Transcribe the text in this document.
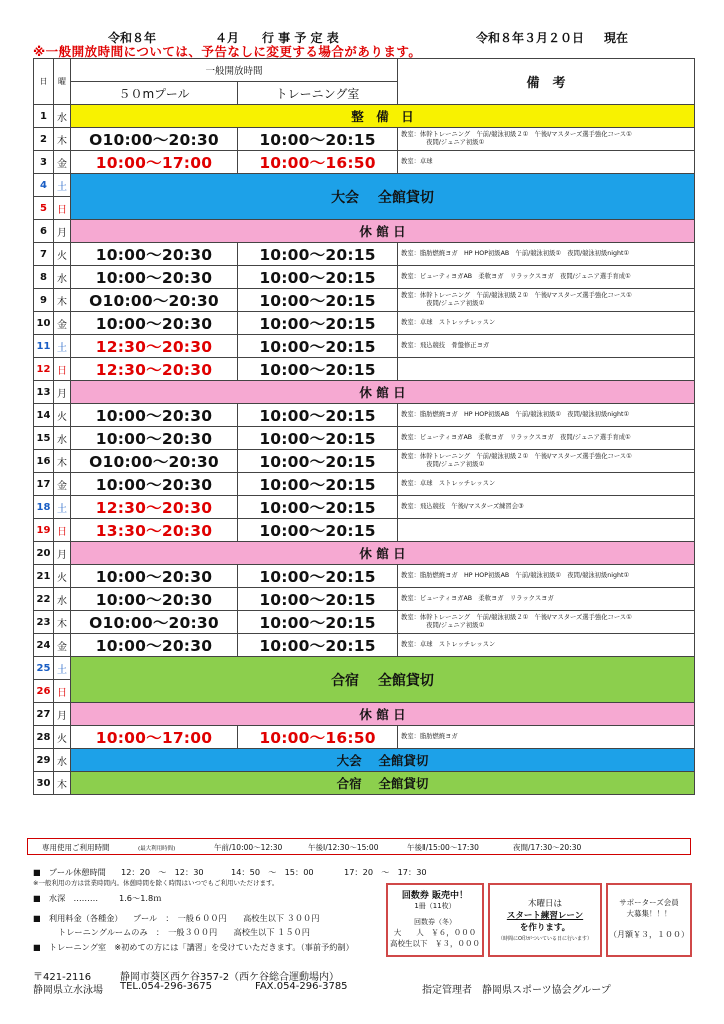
令和８年	４月 行 事 予 定 表	令和８年３月２０日 現在
※一般開放時間については、予告なしに変更する場合があります。
日	曜	一般開放時間		備　考
		５０mプール	トレーニング室	
1	水	整　備　日		
2	木	O10:00～20:30	10:00～20:15	教室：体幹トレーニング　午前/競泳初級２①　午後Ⅰ/マスターズ選手強化コース①
　　　　夜間/ジュニア初級①
3	金	10:00～17:00	10:00～16:50	教室：卓球
4	土	大会　 全館貸切		
5	日			
6	月	休 館 日		
7	火	10:00～20:30	10:00～20:15	教室：脂肪燃焼ヨガ　HP HOP初級AB　午前/競泳初級①　夜間/競泳初級night①
8	水	10:00～20:30	10:00～20:15	教室：ビューティヨガAB　柔軟ヨガ　リラックスヨガ　夜間/ジュニア選手育成①
9	木	O10:00～20:30	10:00～20:15	教室：体幹トレーニング　午前/競泳初級２①　午後Ⅰ/マスターズ選手強化コース①
　　　　夜間/ジュニア初級①
10	金	10:00～20:30	10:00～20:15	教室：卓球　ストレッチレッスン
11	土	12:30～20:30	10:00～20:15	教室：飛込競技　骨盤修正ヨガ
12	日	12:30～20:30	10:00～20:15	
13	月	休 館 日		
14	火	10:00～20:30	10:00～20:15	教室：脂肪燃焼ヨガ　HP HOP初級AB　午前/競泳初級①　夜間/競泳初級night①
15	水	10:00～20:30	10:00～20:15	教室：ビューティヨガAB　柔軟ヨガ　リラックスヨガ　夜間/ジュニア選手育成①
16	木	O10:00～20:30	10:00～20:15	教室：体幹トレーニング　午前/競泳初級２①　午後Ⅰ/マスターズ選手強化コース①
　　　　夜間/ジュニア初級①
17	金	10:00～20:30	10:00～20:15	教室：卓球　ストレッチレッスン
18	土	12:30～20:30	10:00～20:15	教室：飛込競技　午後Ⅰ/マスターズ練習会③
19	日	13:30～20:30	10:00～20:15	
20	月	休 館 日		
21	火	10:00～20:30	10:00～20:15	教室：脂肪燃焼ヨガ　HP HOP初級AB　午前/競泳初級①　夜間/競泳初級night①
22	水	10:00～20:30	10:00～20:15	教室：ビューティヨガAB　柔軟ヨガ　リラックスヨガ
23	木	O10:00～20:30	10:00～20:15	教室：体幹トレーニング　午前/競泳初級２①　午後Ⅰ/マスターズ選手強化コース①
　　　　夜間/ジュニア初級①
24	金	10:00～20:30	10:00～20:15	教室：卓球　ストレッチレッスン
25	土	合宿　 全館貸切		
26	日			
27	月	休 館 日		
28	火	10:00～17:00	10:00～16:50	教室：脂肪燃焼ヨガ
29	水	大会　 全館貸切		
30	木	合宿　 全館貸切		
専用使用ご利用時間	(最大利用時間)	午前/10:00～12:30	午後Ⅰ/12:30～15:00	午後Ⅱ/15:00～17:30	夜間/17:30～20:30
■　プール休憩時間 12：20　～　12：30	14：50　～　15：00	17：20　～　17：30
※一般利用の方は営業時間内。休憩時間を除く時間はいつでもご利用いただけます。
■　水深　………	1.6～1.8ｍ
■　利用料金（各種金） プール　：　一般６００円　　高校生以下 ３００円
トレーニングルームのみ　：　一般３００円　　高校生以下 １５０円
■　トレーニング室　※初めての方には「講習」を受けていただきます。（事前予約制）
回数券 販売中！
1冊（11枚）
回数券（冬）
大　　人　￥６，０００
高校生以下　￥３，０００
木曜日は
スタート練習レーン
を作ります。
（時間にO印がついている日に行います）
サポーターズ会員
大募集！！！
（月額￥３，１００）
〒421-2116	静岡市葵区西ケ谷357-2（西ケ谷総合運動場内）
静岡県立水泳場 TEL.054-296-3675	FAX.054-296-3785	指定管理者　静岡県スポーツ協会グループ
